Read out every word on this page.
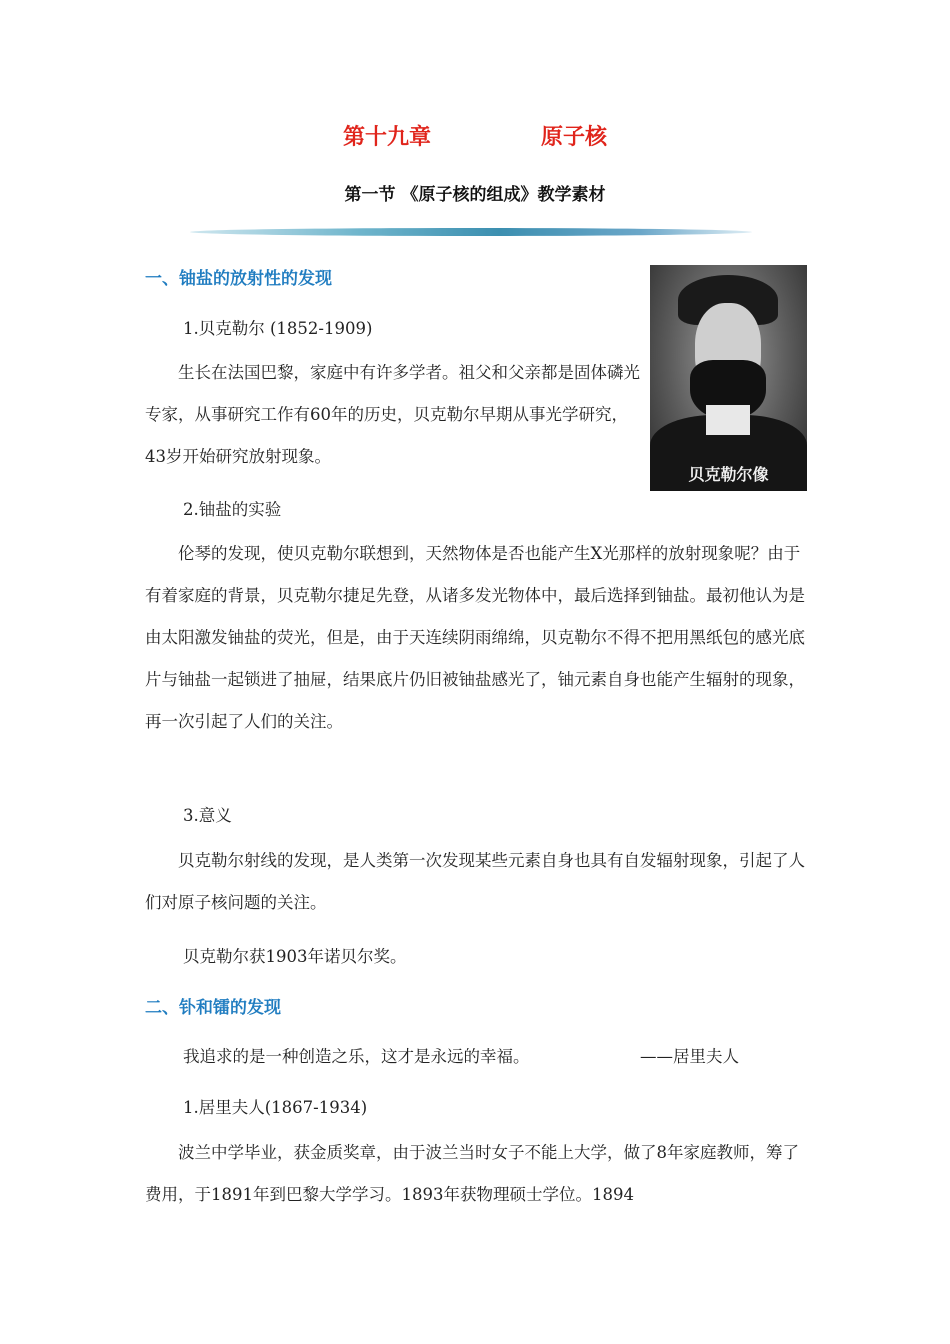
第十九章	原子核
第一节 《原子核的组成》教学素材
一、铀盐的放射性的发现
贝克勒尔像
1.贝克勒尔 (1852-1909)

生长在法国巴黎，家庭中有许多学者。祖父和父亲都是固体磷光专家，从事研究工作有60年的历史，贝克勒尔早期从事光学研究，43岁开始研究放射现象。

2.铀盐的实验

伦琴的发现，使贝克勒尔联想到，天然物体是否也能产生X光那样的放射现象呢？由于有着家庭的背景，贝克勒尔捷足先登，从诸多发光物体中，最后选择到铀盐。最初他认为是由太阳激发铀盐的荧光，但是，由于天连续阴雨绵绵，贝克勒尔不得不把用黑纸包的感光底片与铀盐一起锁进了抽屉，结果底片仍旧被铀盐感光了，铀元素自身也能产生辐射的现象，再一次引起了人们的关注。

3.意义

贝克勒尔射线的发现，是人类第一次发现某些元素自身也具有自发辐射现象，引起了人们对原子核问题的关注。

贝克勒尔获1903年诺贝尔奖。
二、钋和镭的发现
我追求的是一种创造之乐，这才是永远的幸福。	——居里夫人
1.居里夫人(1867-1934)

波兰中学毕业，获金质奖章，由于波兰当时女子不能上大学，做了8年家庭教师，筹了费用，于1891年到巴黎大学学习。1893年获物理硕士学位。1894
